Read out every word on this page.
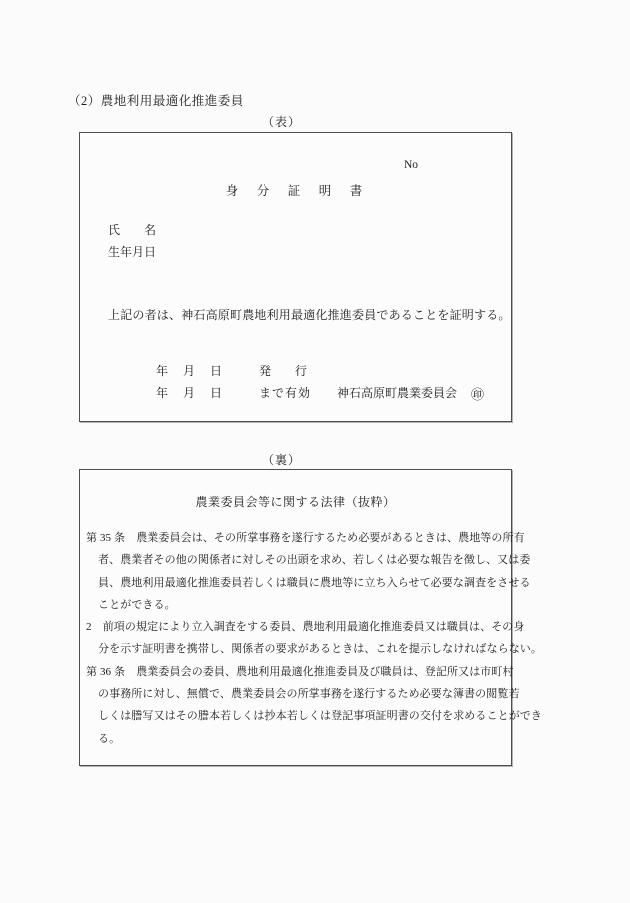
（2）農地利用最適化推進委員
（表）
No
身　分　証　明　書
氏　　名
生年月日
上記の者は、神石高原町農地利用最適化推進委員であることを証明する。
年　月　日	発　　行
年　月　日	まで有効 神石高原町農業委員会 ㊞
（裏）
農業委員会等に関する法律（抜粋）
第 35 条　農業委員会は、その所掌事務を遂行するため必要があるときは、農地等の所有
者、農業者その他の関係者に対しその出頭を求め、若しくは必要な報告を徴し、又は委
員、農地利用最適化推進委員若しくは職員に農地等に立ち入らせて必要な調査をさせる
ことができる。
2　前項の規定により立入調査をする委員、農地利用最適化推進委員又は職員は、その身
分を示す証明書を携帯し、関係者の要求があるときは、これを提示しなければならない。
第 36 条　農業委員会の委員、農地利用最適化推進委員及び職員は、登記所又は市町村
の事務所に対し、無償で、農業委員会の所掌事務を遂行するため必要な簿書の閲覧若
しくは謄写又はその謄本若しくは抄本若しくは登記事項証明書の交付を求めることができ
る。
